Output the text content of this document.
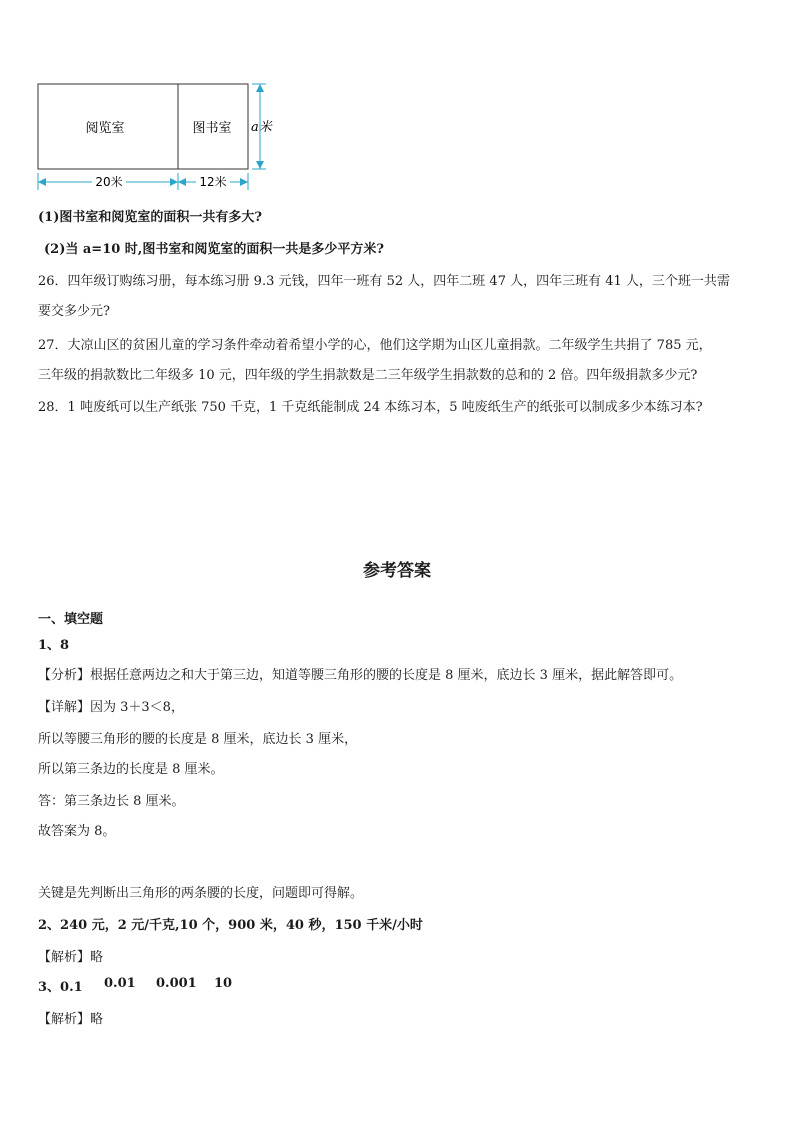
阅览室	图书室 a米
20米	12米
(1)图书室和阅览室的面积一共有多大?
(2)当 a=10 时,图书室和阅览室的面积一共是多少平方米?
26．四年级订购练习册，每本练习册 9.3 元钱，四年一班有 52 人，四年二班 47 人，四年三班有 41 人，三个班一共需
要交多少元?
27．大凉山区的贫困儿童的学习条件牵动着希望小学的心，他们这学期为山区儿童捐款。二年级学生共捐了 785 元，
三年级的捐款数比二年级多 10 元，四年级的学生捐款数是二三年级学生捐款数的总和的 2 倍。四年级捐款多少元?
28．1 吨废纸可以生产纸张 750 千克，1 千克纸能制成 24 本练习本，5 吨废纸生产的纸张可以制成多少本练习本?
参考答案
一、填空题
1、8
【分析】根据任意两边之和大于第三边，知道等腰三角形的腰的长度是 8 厘米，底边长 3 厘米，据此解答即可。
【详解】因为 3＋3＜8，
所以等腰三角形的腰的长度是 8 厘米，底边长 3 厘米，
所以第三条边的长度是 8 厘米。
答：第三条边长 8 厘米。
故答案为 8。
关键是先判断出三角形的两条腰的长度，问题即可得解。
2、240 元，2 元/千克,10 个，900 米，40 秒，150 千米/小时
【解析】略
3、0.1 0.01 0.001 10
【解析】略
